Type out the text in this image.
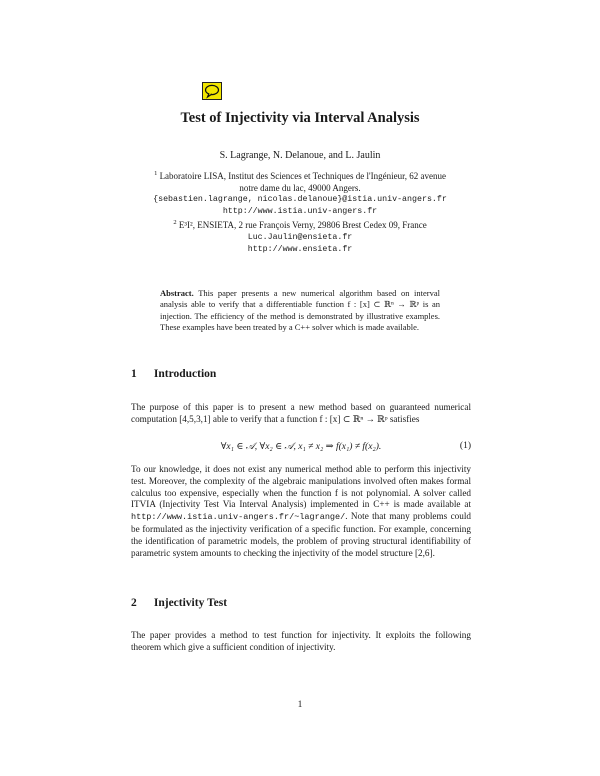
Test of Injectivity via Interval Analysis
S. Lagrange, N. Delanoue, and L. Jaulin
$^1$ Laboratoire LISA, Institut des Sciences et Techniques de l'Ingénieur, 62 avenue
notre dame du lac, 49000 Angers.
{sebastien.lagrange, nicolas.delanoue}@istia.univ-angers.fr
http://www.istia.univ-angers.fr
$^2$ E³I², ENSIETA, 2 rue François Verny, 29806 Brest Cedex 09, France
Luc.Jaulin@ensieta.fr
http://www.ensieta.fr
Abstract. This paper presents a new numerical algorithm based on interval analysis able to verify that a differentiable function f : [x] ⊂ ℝⁿ → ℝᵖ is an injection. The efficiency of the method is demonstrated by illustrative examples. These examples have been treated by a C++ solver which is made available.
1 Introduction
The purpose of this paper is to present a new method based on guaranteed numerical computation [4,5,3,1] able to verify that a function f : [x] ⊂ ℝⁿ → ℝᵖ satisfies
∀x₁ ∈ 𝒜, ∀x₂ ∈ 𝒜, x₁ ≠ x₂ ⇒ f(x₁) ≠ f(x₂).	(1)
To our knowledge, it does not exist any numerical method able to perform this injectivity test. Moreover, the complexity of the algebraic manipulations involved often makes formal calculus too expensive, especially when the function f is not polynomial. A solver called ITVIA (Injectivity Test Via Interval Analysis) implemented in C++ is made available at http://www.istia.univ-angers.fr/~lagrange/. Note that many problems could be formulated as the injectivity verification of a specific function. For example, concerning the identification of parametric models, the problem of proving structural identifiability of parametric system amounts to checking the injectivity of the model structure [2,6].
2 Injectivity Test
The paper provides a method to test function for injectivity. It exploits the following theorem which give a sufficient condition of injectivity.
1
